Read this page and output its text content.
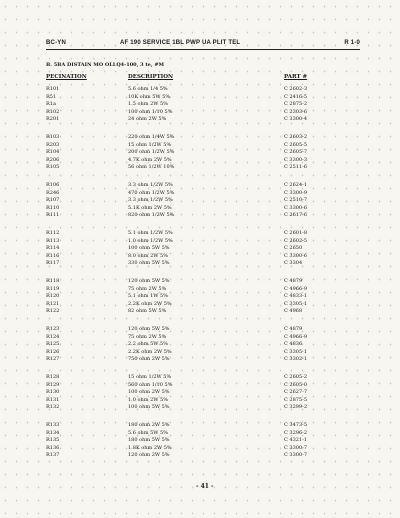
BC-YN	AF 190 SERVICE 1BL PWP UA PLIT TEL	R 1-0
B. 5BA DISTAIN MO OLLQ4-100, 3 te, #M
PECINATION	DESCRIPTION	PART #
R101	5.6 ohm 1/4 5%	C 2602-3
R51	10K ohm 5W 5%	C 2416-5
R1a	1.5 ohm 2W 5%	C 2875-2
R102	100 ohm 1/10 5%	C 2303-6
R201	24 ohm 2W 5%	C 3300-4
R103	220 ohm 1/4W 5%	C 2603-2
R203	15 ohm 1/2W 5%	C 2605-5
R104	200 ohm 1/2W 5%	C 2605-7
R206	4.7K ohm 2W 5%	C 3300-3
R105	56 ohm 1/2W 10%	C 2511-6
R106	3.3 ohm 1/2W 5%	C 2624-1
R246	470 ohm 1/2W 5%	C 3300-9
R107	3.3 ohm 1/2W 5%	C 2510-7
R110	5.1K ohm 2W 5%	C 3300-6
R111	820 ohm 1/2W 5%	C 2617-6
R112	5.1 ohm 1/2W 5%	C 2601-8
R113	1.0 ohm 1/2W 5%	C 2602-5
R114	100 ohm 5W 5%	C 2650
R116	8.0 ohm 2W 5%	C 3300-6
R117	330 ohm 5W 5%	C 3304
R118	120 ohm 5W 5%	C 4879
R119	75 ohm 2W 5%	C 4966-9
R120	5.1 ohm 1W 5%	C 4833-1
R121	2.2K ohm 2W 5%	C 3305-1
R122	82 ohm 5W 5%	C 4968
R123	120 ohm 5W 5%	C 4879
R124	75 ohm 2W 5%	C 4966-9
R125	2.2 ohm 5W 5%	C 4836
R126	2.2K ohm 2W 5%	C 3305-1
R127	750 ohm 2W 5%	C 3302-1
R128	15 ohm 1/2W 5%	C 2605-2
R129	560 ohm 1/10 5%	C 2605-0
R130	100 ohm 2W 5%	C 2627-7
R131	1.0 ohm 2W 5%	C 2875-5
R132	100 ohm 5W 5%	C 3299-2
R133	180 ohm 2W 5%	C 3473-5
R134	5.6 ohm 5W 5%	C 3296-2
R135	180 ohm 5W 5%	C 4321-1
R136	1.8K ohm 2W 5%	C 3300-7
R137	120 ohm 2W 5%	C 3300-7
- 41 -
